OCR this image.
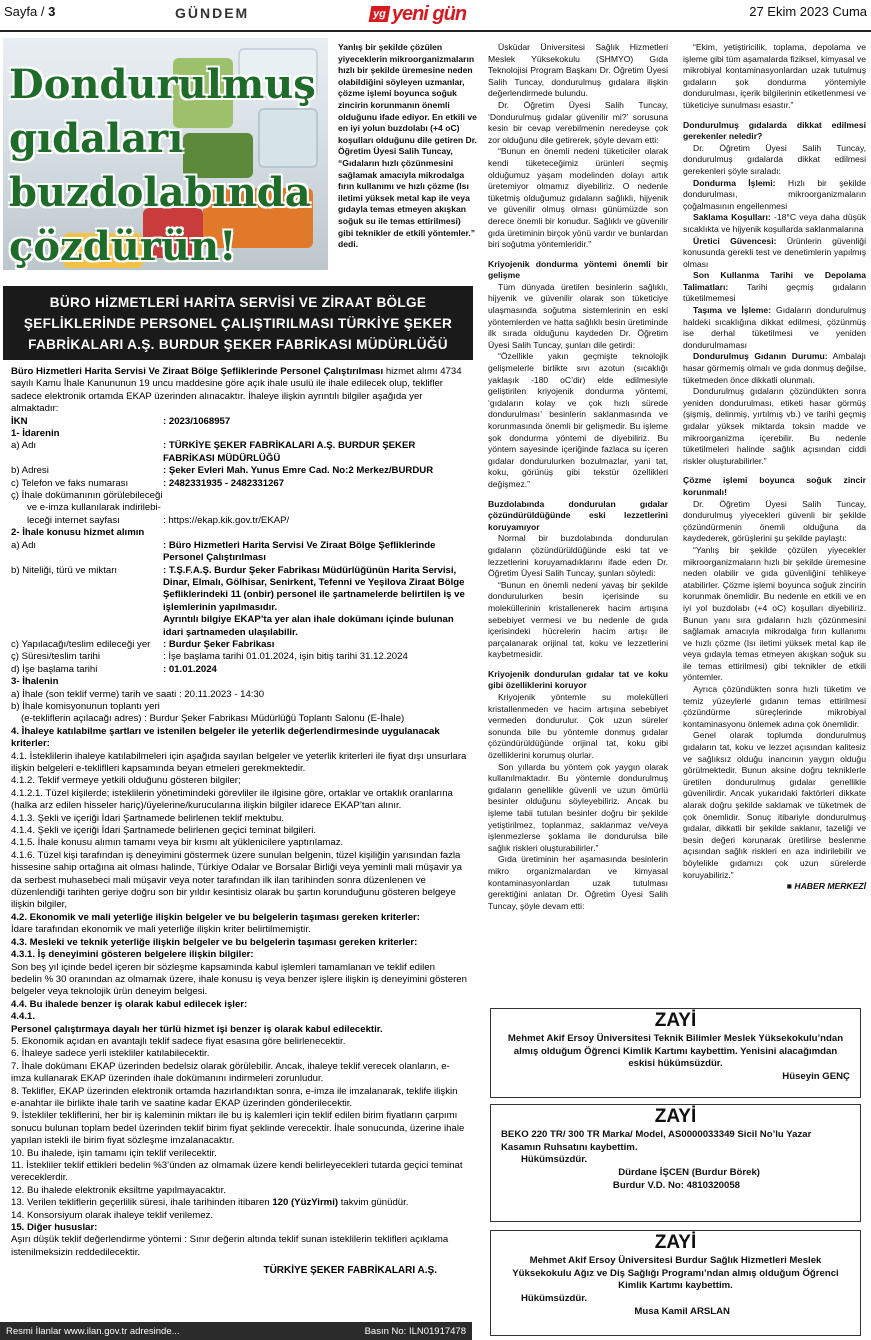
Sayfa / 3	GÜNDEM	yg yeni gün	27 Ekim 2023 Cuma
Dondurulmuş
gıdaları
buzdolabında
çözdürün!
Yanlış bir şekilde çözülen yiyeceklerin mikroorganizmaların hızlı bir şekilde üremesine neden olabildiğini söyleyen uzmanlar, çözme işlemi boyunca soğuk zincirin korunmanın önemli olduğunu ifade ediyor. En etkili ve en iyi yolun buzdolabı (+4 oC) koşulları olduğunu dile getiren Dr. Öğretim Üyesi Salih Tuncay, “Gıdaların hızlı çözünmesini sağlamak amacıyla mikrodalga fırın kullanımı ve hızlı çözme (Isı iletimi yüksek metal kap ile veya gıdayla temas etmeyen akışkan soğuk su ile temas ettirilmesi) gibi teknikler de etkili yöntemler.” dedi.
BÜRO HİZMETLERİ HARİTA SERVİSİ VE ZİRAAT BÖLGE
ŞEFLİKLERİNDE PERSONEL ÇALIŞTIRILMASI TÜRKİYE ŞEKER
FABRİKALARI A.Ş. BURDUR ŞEKER FABRİKASI MÜDÜRLÜĞÜ

Büro Hizmetleri Harita Servisi Ve Ziraat Bölge Şefliklerinde Personel Çalıştırılması hizmet alımı 4734 sayılı Kamu İhale Kanununun 19 uncu maddesine göre açık ihale usulü ile ihale edilecek olup, teklifler sadece elektronik ortamda EKAP üzerinden alınacaktır. İhaleye ilişkin ayrıntılı bilgiler aşağıda yer almaktadır:

İKN	: 2023/1068957

1- İdarenin

a) Adı	: TÜRKİYE ŞEKER FABRİKALARI A.Ş. BURDUR ŞEKER FABRİKASI MÜDÜRLÜĞÜ
b) Adresi	: Şeker Evleri Mah. Yunus Emre Cad. No:2 Merkez/BURDUR
c) Telefon ve faks numarası	: 2482331935 - 2482331267

ç) İhale dokümanının görülebileceği

ve e-imza kullanılarak indirilebi-

leceği internet sayfası	: https://ekap.kik.gov.tr/EKAP/

2- İhale konusu hizmet alımın

a) Adı	: Büro Hizmetleri Harita Servisi Ve Ziraat Bölge Şefliklerinde Personel Çalıştırılması
b) Niteliği, türü ve miktarı	: T.Ş.F.A.Ş. Burdur Şeker Fabrikası Müdürlüğünün Harita Servisi, Dinar, Elmalı, Gölhisar, Senirkent, Tefenni ve Yeşilova Ziraat Bölge Şefliklerindeki 11 (onbir) personel ile şartnamelerde belirtilen iş ve işlemlerinin yapılmasıdır.
Ayrıntılı bilgiye EKAP’ta yer alan ihale dokümanı içinde bulunan idari şartnameden ulaşılabilir.
c) Yapılacağı/teslim edileceği yer	: Burdur Şeker Fabrikası
ç) Süresi/teslim tarihi	: İşe başlama tarihi 01.01.2024, işin bitiş tarihi 31.12.2024
d) İşe başlama tarihi	: 01.01.2024

3- İhalenin

a) İhale (son teklif verme) tarih ve saati : 20.11.2023 - 14:30

b) İhale komisyonunun toplantı yeri

(e-tekliflerin açılacağı adres) : Burdur Şeker Fabrikası Müdürlüğü Toplantı Salonu (E-İhale)

4. İhaleye katılabilme şartları ve istenilen belgeler ile yeterlik değerlendirmesinde uygulanacak kriterler:

4.1. İsteklilerin ihaleye katılabilmeleri için aşağıda sayılan belgeler ve yeterlik kriterleri ile fiyat dışı unsurlara ilişkin belgeleri e-tekliflleri kapsamında beyan etmeleri gerekmektedir.

4.1.2. Teklif vermeye yetkili olduğunu gösteren bilgiler;

4.1.2.1. Tüzel kişilerde; isteklilerin yönetimindeki görevliler ile ilgisine göre, ortaklar ve ortaklık oranlarına (halka arz edilen hisseler hariç)/üyelerine/kurucularına ilişkin bilgiler idarece EKAP’tan alınır.

4.1.3. Şekli ve içeriği İdari Şartnamede belirlenen teklif mektubu.

4.1.4. Şekli ve içeriği İdari Şartnamede belirlenen geçici teminat bilgileri.

4.1.5. İhale konusu alımın tamamı veya bir kısmı alt yüklenicilere yaptırılamaz.

4.1.6. Tüzel kişi tarafından iş deneyimini göstermek üzere sunulan belgenin, tüzel kişiliğin yarısından fazla hissesine sahip ortağına ait olması halinde, Türkiye Odalar ve Borsalar Birliği veya yeminli mali müşavir ya da serbest muhasebeci mali müşavir veya noter tarafından ilk ilan tarihinden sonra düzenlenen ve düzenlendiği tarihten geriye doğru son bir yıldır kesintisiz olarak bu şartın korunduğunu gösteren belgeye ilişkin bilgiler,

4.2. Ekonomik ve mali yeterliğe ilişkin belgeler ve bu belgelerin taşıması gereken kriterler:

İdare tarafından ekonomik ve mali yeterliğe ilişkin kriter belirtilmemiştir.

4.3. Mesleki ve teknik yeterliğe ilişkin belgeler ve bu belgelerin taşıması gereken kriterler:

4.3.1. İş deneyimini gösteren belgelere ilişkin bilgiler:

Son beş yıl içinde bedel içeren bir sözleşme kapsamında kabul işlemleri tamamlanan ve teklif edilen bedelin % 30 oranından az olmamak üzere, ihale konusu iş veya benzer işlere ilişkin iş deneyimini gösteren belgeler veya teknolojik ürün deneyim belgesi.

4.4. Bu ihalede benzer iş olarak kabul edilecek işler:

4.4.1.

Personel çalıştırmaya dayalı her türlü hizmet işi benzer iş olarak kabul edilecektir.

5. Ekonomik açıdan en avantajlı teklif sadece fiyat esasına göre belirlenecektir.

6. İhaleye sadece yerli istekliler katılabilecektir.

7. İhale dokümanı EKAP üzerinden bedelsiz olarak görülebilir. Ancak, ihaleye teklif verecek olanların, e-imza kullanarak EKAP üzerinden ihale dokümanını indirmeleri zorunludur.

8. Teklifler, EKAP üzerinden elektronik ortamda hazırlandıktan sonra, e-imza ile imzalanarak, teklife ilişkin e-anahtar ile birlikte ihale tarih ve saatine kadar EKAP üzerinden gönderilecektir.

9. İstekliler tekliflerini, her bir iş kaleminin miktarı ile bu iş kalemleri için teklif edilen birim fiyatların çarpımı sonucu bulunan toplam bedel üzerinden teklif birim fiyat şeklinde verecektir. İhale sonucunda, üzerine ihale yapılan istekli ile birim fiyat sözleşme imzalanacaktır.

10. Bu ihalede, işin tamamı için teklif verilecektir.

11. İstekliler teklif ettikleri bedelin %3’ünden az olmamak üzere kendi belirleyecekleri tutarda geçici teminat vereceklerdir.

12. Bu ihalede elektronik eksiltme yapılmayacaktır.

13. Verilen tekliflerin geçerlilik süresi, ihale tarihinden itibaren 120 (YüzYirmi) takvim günüdür.

14. Konsorsiyum olarak ihaleye teklif verilemez.

15. Diğer hususlar:

Aşırı düşük teklif değerlendirme yöntemi : Sınır değerin altında teklif sunan isteklilerin teklifleri açıklama istenilmeksizin reddedilecektir.

TÜRKİYE ŞEKER FABRİKALARI A.Ş.
Resmi İlanlar www.ilan.gov.tr adresinde...	Basın No: ILN01917478

Üsküdar Üniversitesi Sağlık Hizmetleri Meslek Yüksekokulu (SHMYO) Gıda Teknolojisi Program Başkanı Dr. Öğretim Üyesi Salih Tuncay, dondurulmuş gıdalara ilişkin değerlendirmede bulundu.

Dr. Öğretim Üyesi Salih Tuncay, ‘Dondurulmuş gıdalar güvenilir mi?’ sorusuna kesin bir cevap verebilmenin neredeyse çok zor olduğunu dile getirerek, şöyle devam etti:

“Bunun en önemli nedeni tüketiciler olarak kendi tüketeceğimiz ürünleri seçmiş olduğumuz yaşam modelinden dolayı artık üretemiyor olmamız diyebiliriz. O nedenle tüketmiş olduğumuz gıdaların sağlıklı, hijyenik ve güvenilir olmuş olması günümüzde son derece önemli bir konudur. Sağlıklı ve güvenilir gıda üretiminin birçok yönü vardır ve bunlardan biri soğutma yöntemleridir.”

Kriyojenik dondurma yöntemi önemli bir gelişme

Tüm dünyada üretilen besinlerin sağlıklı, hijyenik ve güvenilir olarak son tüketiciye ulaşmasında soğutma sistemlerinin en eski yöntemlerden ve hatta sağlıklı besin üretiminde ilk sırada olduğunu kaydeden Dr. Öğretim Üyesi Salih Tuncay, şunları dile getirdi:

“Özellikle yakın geçmişte teknolojik gelişmelerle birlikte sıvı azotun (sıcaklığı yaklaşık -180 oC’dir) elde edilmesiyle geliştirilen kriyojenik dondurma yöntemi, ‘gıdaların kolay ve çok hızlı sürede dondurulması’ besinlerin saklanmasında ve korunmasında önemli bir gelişmedir. Bu işleme şok dondurma yöntemi de diyebiliriz. Bu yöntem sayesinde içeriğinde fazlaca su içeren gıdalar dondurulurken bozulmazlar, yani tat, koku, görünüş gibi tekstür özellikleri değişmez.”

Buzdolabında dondurulan gıdalar çözündürüldüğünde eski lezzetlerini koruyamıyor

Normal bir buzdolabında dondurulan gıdaların çözündürüldüğünde eski tat ve lezzetlerini koruyamadıklarını ifade eden Dr. Öğretim Üyesi Salih Tuncay, şunları söyledi:

“Bunun en önemli nedeni yavaş bir şekilde dondurulurken besin içerisinde su moleküllerinin kristallenerek hacim artışına sebebiyet vermesi ve bu nedenle de gıda içerisindeki hücrelerin hacim artışı ile parçalanarak orijinal tat, koku ve lezzetlerini kaybetmesidir.

Kriyojenik dondurulan gıdalar tat ve koku gibi özelliklerini koruyor

Kriyojenik yöntemle su molekülleri kristallenmeden ve hacim artışına sebebiyet vermeden dondurulur. Çok uzun süreler sonunda bile bu yöntemle donmuş gıdalar çözündürüldüğünde orijinal tat, koku gibi özelliklerini korumuş olurlar.

Son yıllarda bu yöntem çok yaygın olarak kullanılmaktadır. Bu yöntemle dondurulmuş gıdaların genellikle güvenli ve uzun ömürlü besinler olduğunu söyleyebiliriz. Ancak bu işleme tabii tutulan besinler doğru bir şekilde yetiştirilmez, toplanmaz, saklanmaz ve/veya işlenmezlerse şoklama ile dondurulsa bile sağlık riskleri oluşturabilirler.”

Gıda üretiminin her aşamasında besinlerin mikro organizmalardan ve kimyasal kontaminasyonlardan uzak tutulması gerektiğini anlatan Dr. Öğretim Üyesi Salih Tuncay, şöyle devam etti:

“Ekim, yetiştiricilik, toplama, depolama ve işleme gibi tüm aşamalarda fiziksel, kimyasal ve mikrobiyal kontaminasyonlardan uzak tutulmuş gıdaların şok dondurma yöntemiyle dondurulması, içerik bilgilerinin etiketlenmesi ve tüketiciye sunulması esastır.”

Dondurulmuş gıdalarda dikkat edilmesi gerekenler neledir?

Dr. Öğretim Üyesi Salih Tuncay, dondurulmuş gıdalarda dikkat edilmesi gerekenleri şöyle sıraladı:

Dondurma İşlemi: Hızlı bir şekilde dondurulması, mikroorganizmaların çoğalmasının engellenmesi

Saklama Koşulları: -18°C veya daha düşük sıcaklıkta ve hijyenik koşullarda saklanmalarına

Üretici Güvencesi: Ürünlerin güvenliği konusunda gerekli test ve denetimlerin yapılmış olması

Son Kullanma Tarihi ve Depolama Talimatları: Tarihi geçmiş gıdaların tüketilmemesi

Taşıma ve İşleme: Gıdaların dondurulmuş haldeki sıcaklığına dikkat edilmesi, çözünmüş ise derhal tüketilmesi ve yeniden dondurulmaması

Dondurulmuş Gıdanın Durumu: Ambalajı hasar görmemiş olmalı ve gıda donmuş değilse, tüketmeden önce dikkatli olunmalı.

Dondurulmuş gıdaların çözündükten sonra yeniden dondurulması, etiketi hasar görmüş (şişmiş, delinmiş, yırtılmış vb.) ve tarihi geçmiş gıdalar yüksek miktarda toksin madde ve mikroorganizma içerebilir. Bu nedenle tüketilmeleri halinde sağlık açısından ciddi riskler oluşturabilirler.”

Çözme işlemi boyunca soğuk zincir korunmalı!

Dr. Öğretim Üyesi Salih Tuncay, dondurulmuş yiyecekleri güvenli bir şekilde çözündürmenin önemli olduğuna da kaydederek, görüşlerini şu şekilde paylaştı:

“Yanlış bir şekilde çözülen yiyecekler mikroorganizmaların hızlı bir şekilde üremesine neden olabilir ve gıda güvenliğini tehlikeye atabilirler. Çözme işlemi boyunca soğuk zincirin korunmak önemlidir. Bu nedenle en etkili ve en iyi yol buzdolabı (+4 oC) koşulları diyebiliriz. Bunun yanı sıra gıdaların hızlı çözünmesini sağlamak amacıyla mikrodalga fırın kullanımı ve hızlı çözme (Isı iletimi yüksek metal kap ile veya gıdayla temas etmeyen akışkan soğuk su ile temas ettirilmesi) gibi teknikler de etkili yöntemler.

Ayrıca çözündükten sonra hızlı tüketim ve temiz yüzeylerle gıdanın temas ettirilmesi çözündürme süreçlerinde mikrobiyal kontaminasyonu önlemek adına çok önemlidir.

Genel olarak toplumda dondurulmuş gıdaların tat, koku ve lezzet açısından kalitesiz ve sağlıksız olduğu inancının yaygın olduğu görülmektedir. Bunun aksine doğru tekniklerle üretilen dondurulmuş gıdalar genellikle güvenilirdir. Ancak yukarıdaki faktörleri dikkate alarak doğru şekilde saklamak ve tüketmek de çok önemlidir. Sonuç itibariyle dondurulmuş gıdalar, dikkatli bir şekilde saklanır, tazeliği ve besin değeri korunarak üretilirse beslenme açısından sağlık riskleri en aza indirilebilir ve böylelikle gıdamızı çok uzun sürelerde koruyabiliriz.”

■ HABER MERKEZİ
ZAYİ
Mehmet Akif Ersoy Üniversitesi Teknik Bilimler Meslek Yüksekokulu’ndan almış olduğum Öğrenci Kimlik Kartımı kaybettim. Yenisini alacağımdan eskisi hükümsüzdür.
Hüseyin GENÇ
ZAYİ
BEKO 220 TR/ 300 TR Marka/ Model, AS0000033349 Sicil No’lu Yazar Kasamın Ruhsatını kaybettim.
Hükümsüzdür.
Dürdane İŞCEN (Burdur Börek)
Burdur V.D. No: 4810320058
ZAYİ
Mehmet Akif Ersoy Üniversitesi Burdur Sağlık Hizmetleri Meslek Yüksekokulu Ağız ve Diş Sağlığı Programı’ndan almış olduğum Öğrenci Kimlik Kartımı kaybettim.
Hükümsüzdür.
Musa Kamil ARSLAN
